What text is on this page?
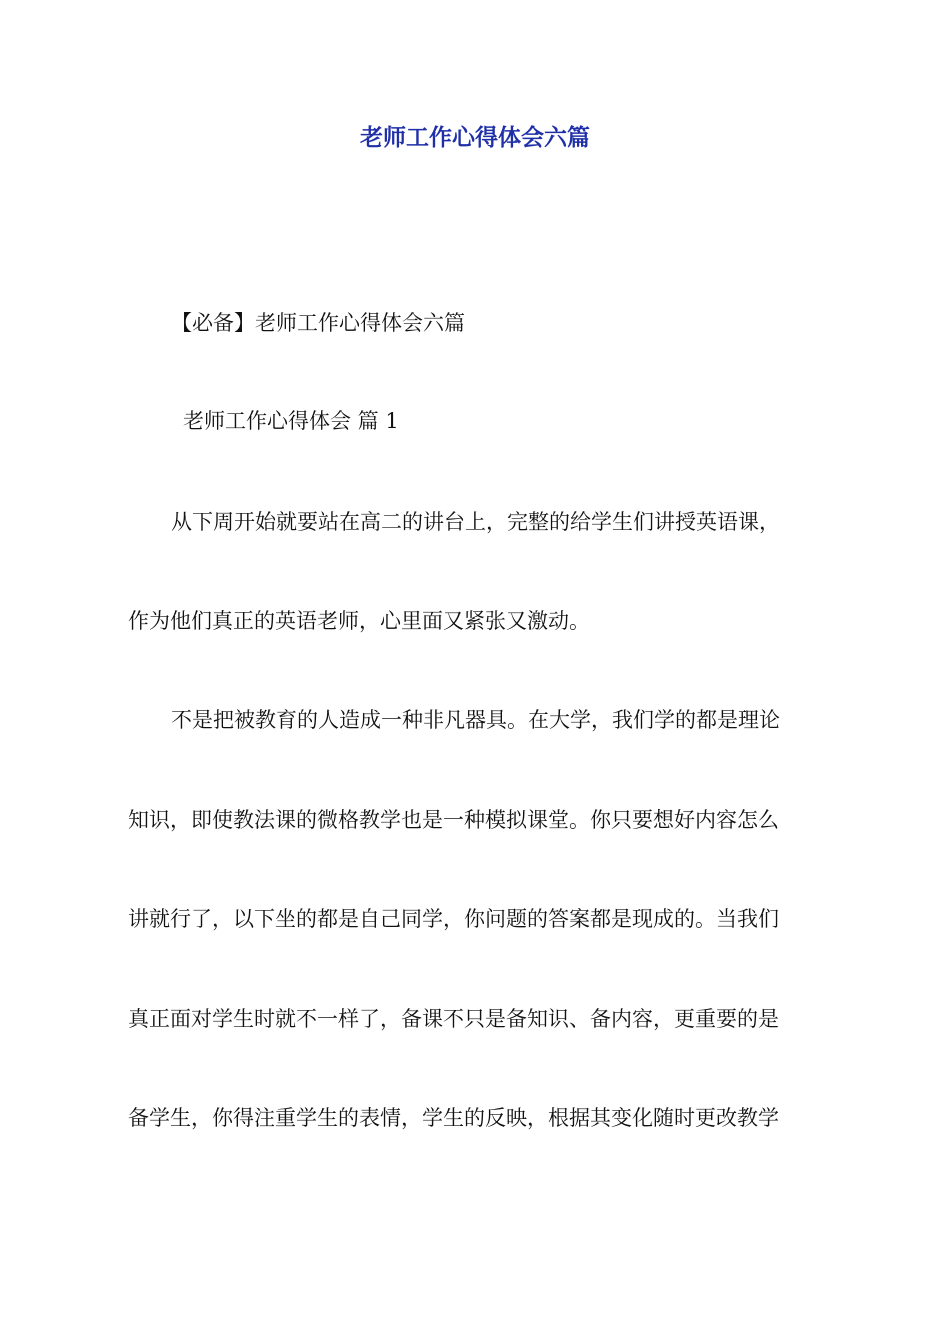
老师工作心得体会六篇

【必备】老师工作心得体会六篇

老师工作心得体会 篇 1

从下周开始就要站在高二的讲台上，完整的给学生们讲授英语课，

作为他们真正的英语老师，心里面又紧张又激动。

不是把被教育的人造成一种非凡器具。在大学，我们学的都是理论

知识，即使教法课的微格教学也是一种模拟课堂。你只要想好内容怎么

讲就行了，以下坐的都是自己同学，你问题的答案都是现成的。当我们

真正面对学生时就不一样了，备课不只是备知识、备内容，更重要的是

备学生，你得注重学生的表情，学生的反映，根据其变化随时更改教学
